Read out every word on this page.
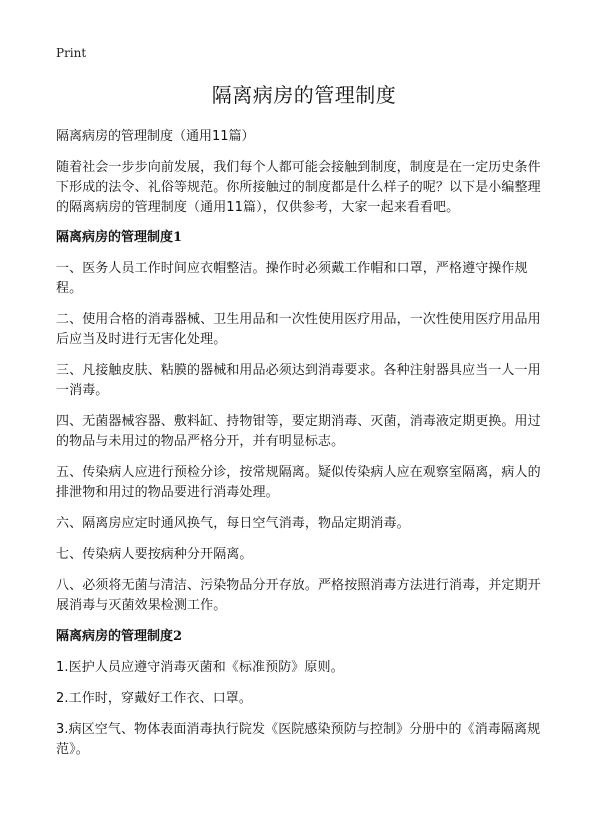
Print
隔离病房的管理制度

隔离病房的管理制度（通用11篇）

随着社会一步步向前发展，我们每个人都可能会接触到制度，制度是在一定历史条件下形成的法令、礼俗等规范。你所接触过的制度都是什么样子的呢？以下是小编整理的隔离病房的管理制度（通用11篇），仅供参考，大家一起来看看吧。

隔离病房的管理制度1

一、医务人员工作时间应衣帽整洁。操作时必须戴工作帽和口罩，严格遵守操作规程。

二、使用合格的消毒器械、卫生用品和一次性使用医疗用品，一次性使用医疗用品用后应当及时进行无害化处理。

三、凡接触皮肤、粘膜的器械和用品必须达到消毒要求。各种注射器具应当一人一用一消毒。

四、无菌器械容器、敷料缸、持物钳等，要定期消毒、灭菌，消毒液定期更换。用过的物品与未用过的物品严格分开，并有明显标志。

五、传染病人应进行预检分诊，按常规隔离。疑似传染病人应在观察室隔离，病人的排泄物和用过的物品要进行消毒处理。

六、隔离房应定时通风换气，每日空气消毒，物品定期消毒。

七、传染病人要按病种分开隔离。

八、必须将无菌与清洁、污染物品分开存放。严格按照消毒方法进行消毒，并定期开展消毒与灭菌效果检测工作。

隔离病房的管理制度2

1.医护人员应遵守消毒灭菌和《标准预防》原则。

2.工作时，穿戴好工作衣、口罩。

3.病区空气、物体表面消毒执行院发《医院感染预防与控制》分册中的《消毒隔离规范》。
